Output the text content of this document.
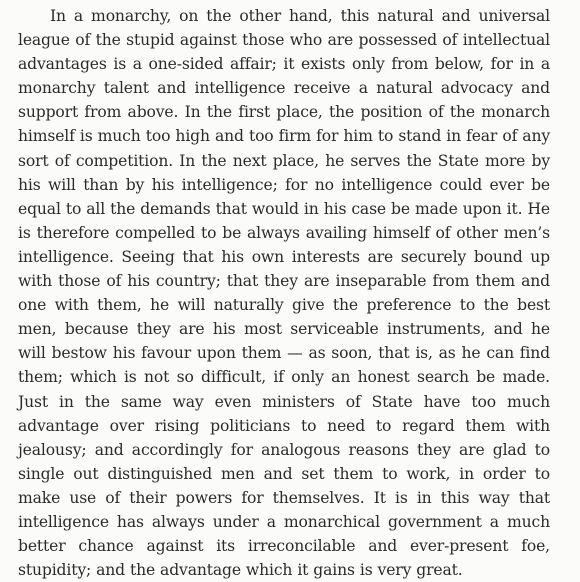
In a monarchy, on the other hand, this natural and universal league of the stupid against those who are possessed of intellectual advantages is a one-sided affair; it exists only from below, for in a monarchy talent and intelligence receive a natural advocacy and support from above. In the first place, the position of the monarch himself is much too high and too firm for him to stand in fear of any sort of competition. In the next place, he serves the State more by his will than by his intelligence; for no intelligence could ever be equal to all the demands that would in his case be made upon it. He is therefore compelled to be always availing himself of other men’s intelligence. Seeing that his own interests are securely bound up with those of his country; that they are inseparable from them and one with them, he will naturally give the preference to the best men, because they are his most serviceable instruments, and he will bestow his favour upon them — as soon, that is, as he can find them; which is not so difficult, if only an honest search be made. Just in the same way even ministers of State have too much advantage over rising politicians to need to regard them with jealousy; and accordingly for analogous reasons they are glad to single out distinguished men and set them to work, in order to make use of their powers for themselves. It is in this way that intelligence has always under a monarchical government a much better chance against its irreconcilable and ever-present foe, stupidity; and the advantage which it gains is very great.
